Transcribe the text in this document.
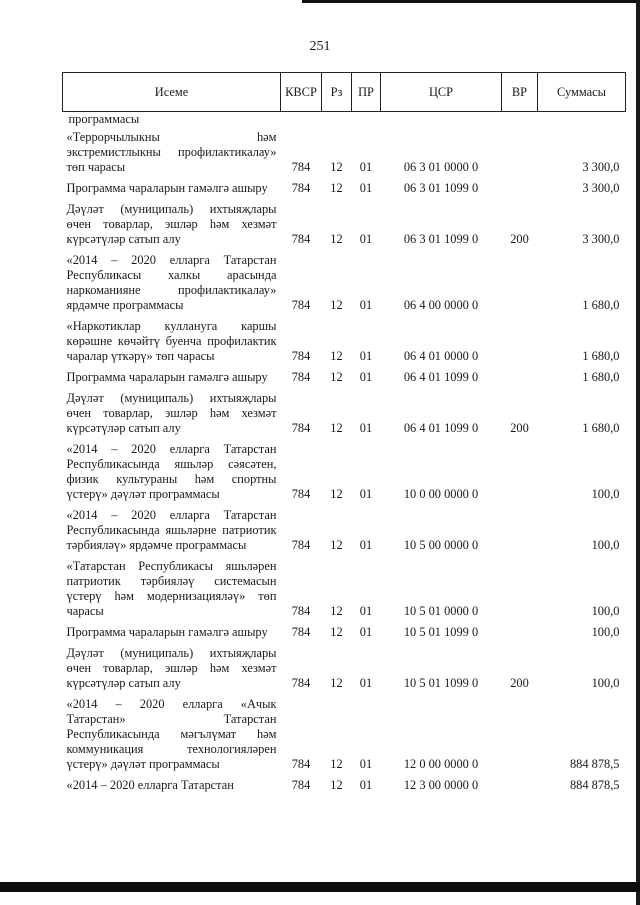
251
Исеме	КВСР	Рз	ПР	ЦСР	ВР	Суммасы
программасы						
«Террорчылыкны һәм экстремистлыкны профилактикалау» төп чарасы	784	12	01	06 3 01 0000 0		3 300,0
Программа чараларын гамәлгә ашыру	784	12	01	06 3 01 1099 0		3 300,0
Дәүләт (муниципаль) ихтыяҗлары өчен товарлар, эшләр һәм хезмәт күрсәтүләр сатып алу	784	12	01	06 3 01 1099 0	200	3 300,0
«2014 – 2020 елларга Татарстан Республикасы халкы арасында наркоманияне профилактикалау» ярдәмче программасы	784	12	01	06 4 00 0000 0		1 680,0
«Наркотиклар куллануга каршы көрәшне көчәйтү буенча профилактик чаралар үткәрү» төп чарасы	784	12	01	06 4 01 0000 0		1 680,0
Программа чараларын гамәлгә ашыру	784	12	01	06 4 01 1099 0		1 680,0
Дәүләт (муниципаль) ихтыяҗлары өчен товарлар, эшләр һәм хезмәт күрсәтүләр сатып алу	784	12	01	06 4 01 1099 0	200	1 680,0
«2014 – 2020 елларга Татарстан Республикасында яшьләр сәясәтен, физик культураны һәм спортны үстерү» дәүләт программасы	784	12	01	10 0 00 0000 0		100,0
«2014 – 2020 елларга Татарстан Республикасында яшьләрне патриотик тәрбияләү» ярдәмче программасы	784	12	01	10 5 00 0000 0		100,0
«Татарстан Республикасы яшьләрен патриотик тәрбияләү системасын үстерү һәм модернизацияләү» төп чарасы	784	12	01	10 5 01 0000 0		100,0
Программа чараларын гамәлгә ашыру	784	12	01	10 5 01 1099 0		100,0
Дәүләт (муниципаль) ихтыяҗлары өчен товарлар, эшләр һәм хезмәт күрсәтүләр сатып алу	784	12	01	10 5 01 1099 0	200	100,0
«2014 – 2020 елларга «Ачык Татарстан» Татарстан Республикасында мәгълүмат һәм коммуникация технологияләрен үстерү» дәүләт программасы	784	12	01	12 0 00 0000 0		884 878,5
«2014 – 2020 елларга Татарстан	784	12	01	12 3 00 0000 0		884 878,5
